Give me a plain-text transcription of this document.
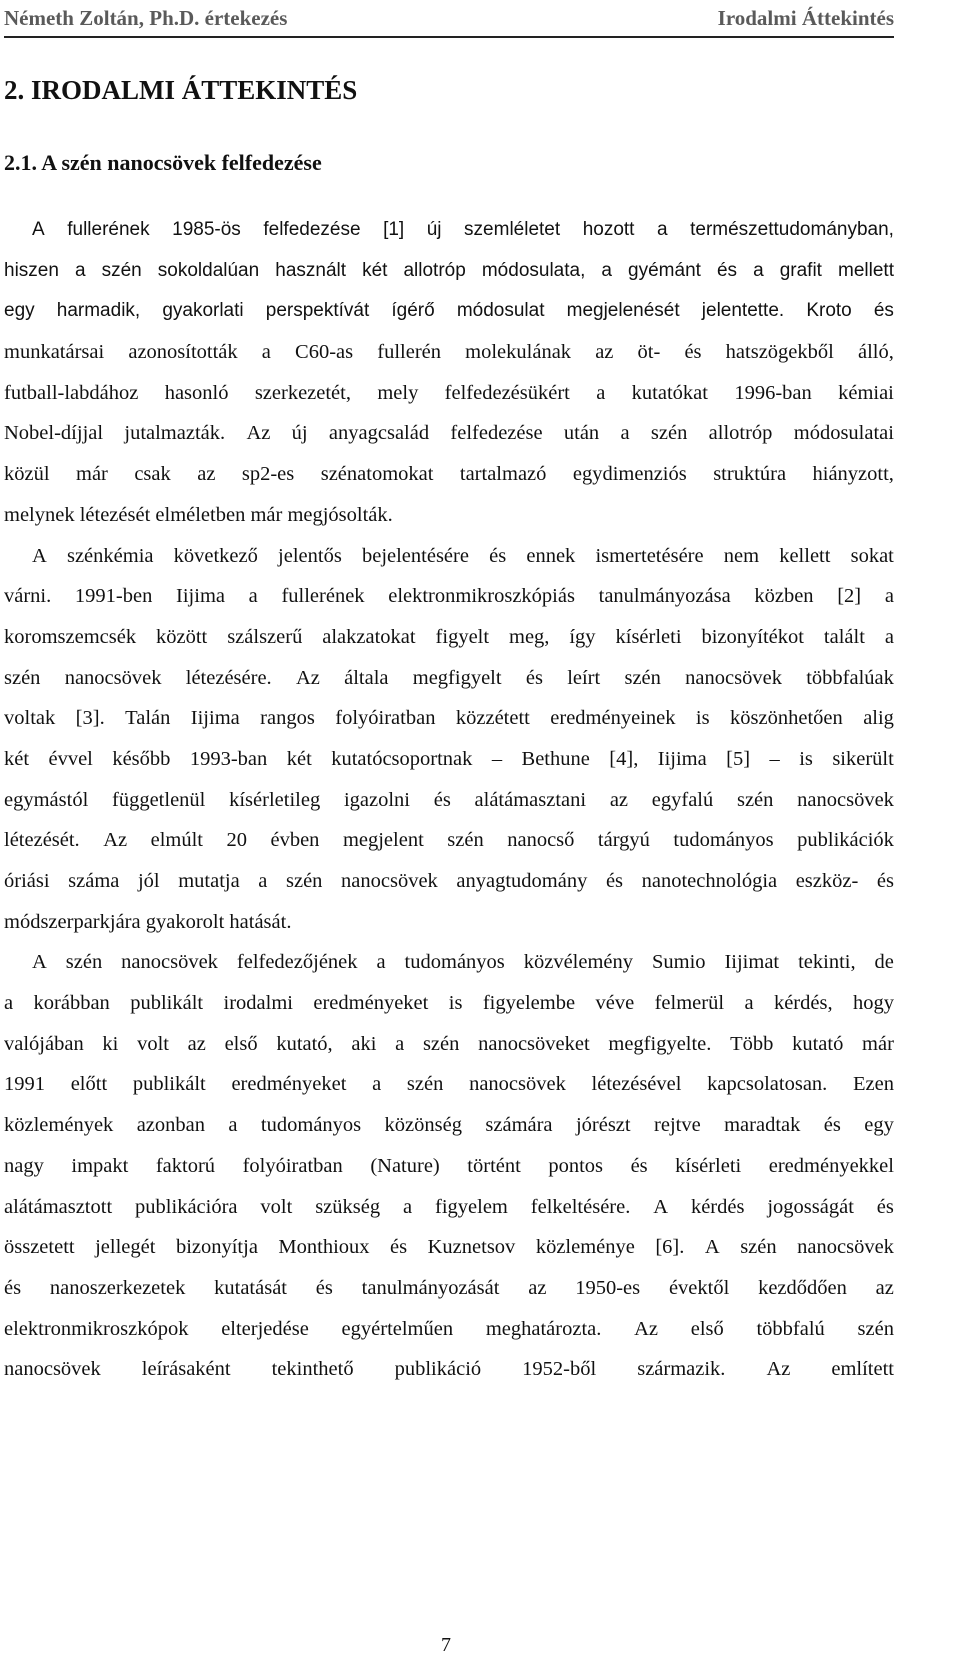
Németh Zoltán, Ph.D. értekezés	Irodalmi Áttekintés
2. IRODALMI ÁTTEKINTÉS
2.1. A szén nanocsövek felfedezése
A fullerének 1985-ös felfedezése [1] új szemléletet hozott a természettudományban,
hiszen a szén sokoldalúan használt két allotróp módosulata, a gyémánt és a grafit mellett
egy harmadik, gyakorlati perspektívát ígérő módosulat megjelenését jelentette. Kroto és
munkatársai azonosították a C60-as fullerén molekulának az öt- és hatszögekből álló,
futball-labdához hasonló szerkezetét, mely felfedezésükért a kutatókat 1996-ban kémiai
Nobel-díjjal jutalmazták. Az új anyagcsalád felfedezése után a szén allotróp módosulatai
közül már csak az sp2-es szénatomokat tartalmazó egydimenziós struktúra hiányzott,
melynek létezését elméletben már megjósolták.
A szénkémia következő jelentős bejelentésére és ennek ismertetésére nem kellett sokat
várni. 1991-ben Iijima a fullerének elektronmikroszkópiás tanulmányozása közben [2] a
koromszemcsék között szálszerű alakzatokat figyelt meg, így kísérleti bizonyítékot talált a
szén nanocsövek létezésére. Az általa megfigyelt és leírt szén nanocsövek többfalúak
voltak [3]. Talán Iijima rangos folyóiratban közzétett eredményeinek is köszönhetően alig
két évvel később 1993-ban két kutatócsoportnak – Bethune [4], Iijima [5] – is sikerült
egymástól függetlenül kísérletileg igazolni és alátámasztani az egyfalú szén nanocsövek
létezését. Az elmúlt 20 évben megjelent szén nanocső tárgyú tudományos publikációk
óriási száma jól mutatja a szén nanocsövek anyagtudomány és nanotechnológia eszköz- és
módszerparkjára gyakorolt hatását.
A szén nanocsövek felfedezőjének a tudományos közvélemény Sumio Iijimat tekinti, de
a korábban publikált irodalmi eredményeket is figyelembe véve felmerül a kérdés, hogy
valójában ki volt az első kutató, aki a szén nanocsöveket megfigyelte. Több kutató már
1991 előtt publikált eredményeket a szén nanocsövek létezésével kapcsolatosan. Ezen
közlemények azonban a tudományos közönség számára jórészt rejtve maradtak és egy
nagy impakt faktorú folyóiratban (Nature) történt pontos és kísérleti eredményekkel
alátámasztott publikációra volt szükség a figyelem felkeltésére. A kérdés jogosságát és
összetett jellegét bizonyítja Monthioux és Kuznetsov közleménye [6]. A szén nanocsövek
és nanoszerkezetek kutatását és tanulmányozását az 1950-es évektől kezdődően az
elektronmikroszkópok elterjedése egyértelműen meghatározta. Az első többfalú szén
nanocsövek leírásaként tekinthető publikáció 1952-ből származik. Az említett
7
